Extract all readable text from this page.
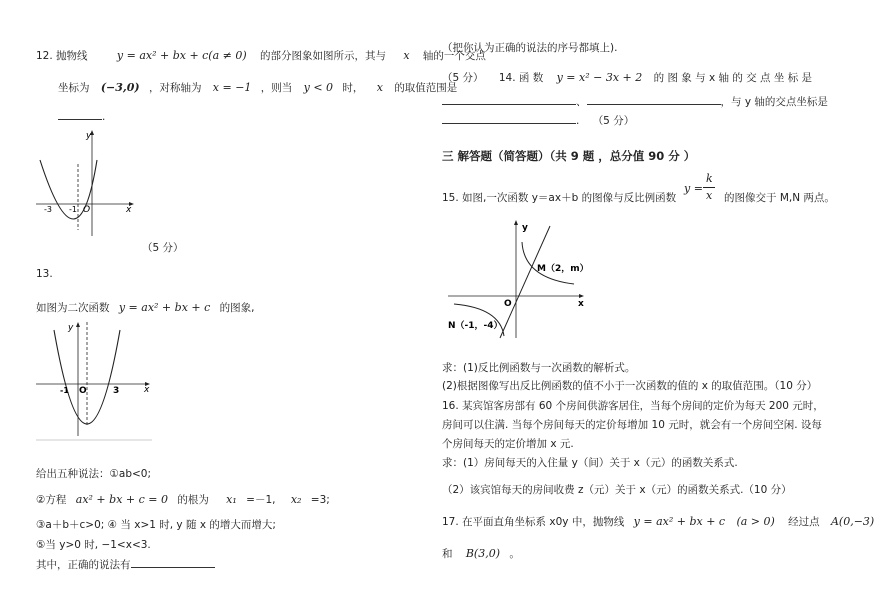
12. 抛物线	y = ax² + bx + c(a ≠ 0) 的部分图象如图所示，其与 x 轴的一个交点
坐标为 (−3,0) ，对称轴为 x = −1 ，则当 y < 0 时， x 的取值范围是
.
y
x
O
-3 -1
（5 分）
13.
如图为二次函数 y = ax² + bx + c 的图象,
y
x
O
-1	3
给出五种说法：①ab<0;
②方程 ax² + bx + c = 0 的根为 x₁ =－1, x₂ =3;
③a＋b＋c>0; ④ 当 x>1 时, y 随 x 的增大而增大;
⑤当 y>0 时, −1<x<3.
其中，正确的说法有
（把你认为正确的说法的序号都填上).
（5 分） 14. 函 数 y = x² − 3x + 2 的 图 象 与 x 轴 的 交 点 坐 标 是
、	，与 y 轴的交点坐标是
. （5 分）
三 解答题（简答题）（共 9 题 ，总分值 90 分 ）
15. 如图,一次函数 y＝ax＋b 的图像与反比例函数
y =
k
x 的图像交于 M,N 两点。
y
x
O
M（2，m）
N（-1，-4）
求：(1)反比例函数与一次函数的解析式。
(2)根据图像写出反比例函数的值不小于一次函数的值的 x 的取值范围。（10 分）
16. 某宾馆客房部有 60 个房间供游客居住，当每个房间的定价为每天 200 元时，
房间可以住满. 当每个房间每天的定价每增加 10 元时，就会有一个房间空闲. 设每
个房间每天的定价增加 x 元.
求：(1）房间每天的入住量 y（间）关于 x（元）的函数关系式.
（2）该宾馆每天的房间收费 z（元）关于 x（元）的函数关系式.（10 分）
17. 在平面直角坐标系 x0y 中，抛物线 y = ax² + bx + c (a > 0) 经过点 A(0,−3)
和 B(3,0) 。
